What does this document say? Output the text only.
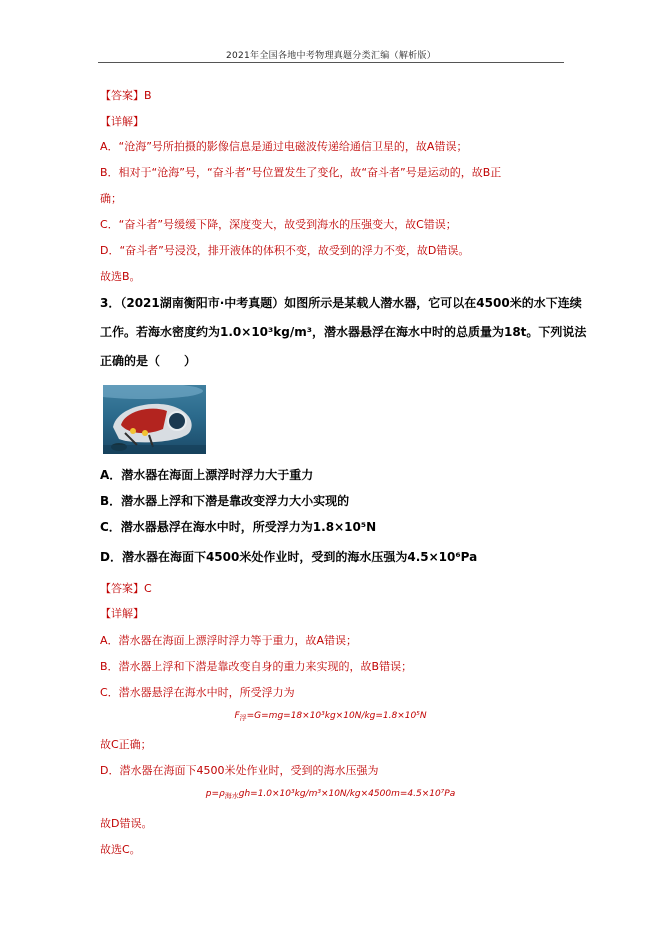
2021年全国各地中考物理真题分类汇编（解析版）
【答案】B
【详解】
A．“沧海”号所拍摄的影像信息是通过电磁波传递给通信卫星的，故A错误；
B．相对于“沧海”号，“奋斗者”号位置发生了变化，故“奋斗者”号是运动的，故B正
确；
C．“奋斗者”号缓缓下降，深度变大，故受到海水的压强变大，故C错误；
D．“奋斗者”号浸没，排开液体的体积不变，故受到的浮力不变，故D错误。
故选B。
3．（2021湖南衡阳市·中考真题）如图所示是某载人潜水器，它可以在4500米的水下连续
工作。若海水密度约为1.0×10³kg/m³，潜水器悬浮在海水中时的总质量为18t。下列说法
正确的是（　　）
A．潜水器在海面上漂浮时浮力大于重力
B．潜水器上浮和下潜是靠改变浮力大小实现的
C．潜水器悬浮在海水中时，所受浮力为1.8×10⁵N
D．潜水器在海面下4500米处作业时，受到的海水压强为4.5×10⁶Pa
【答案】C
【详解】
A．潜水器在海面上漂浮时浮力等于重力，故A错误；
B．潜水器上浮和下潜是靠改变自身的重力来实现的，故B错误；
C．潜水器悬浮在海水中时，所受浮力为
$F_浮=G=mg=18\times 10^3kg\times 10N/kg=1.8\times 10^5N$
故C正确；
D．潜水器在海面下4500米处作业时，受到的海水压强为
$p=\rho_{海水}gh=1.0\times 10^3kg/m^3\times 10N/kg\times 4500m=4.5\times 10^7Pa$
故D错误。
故选C。
